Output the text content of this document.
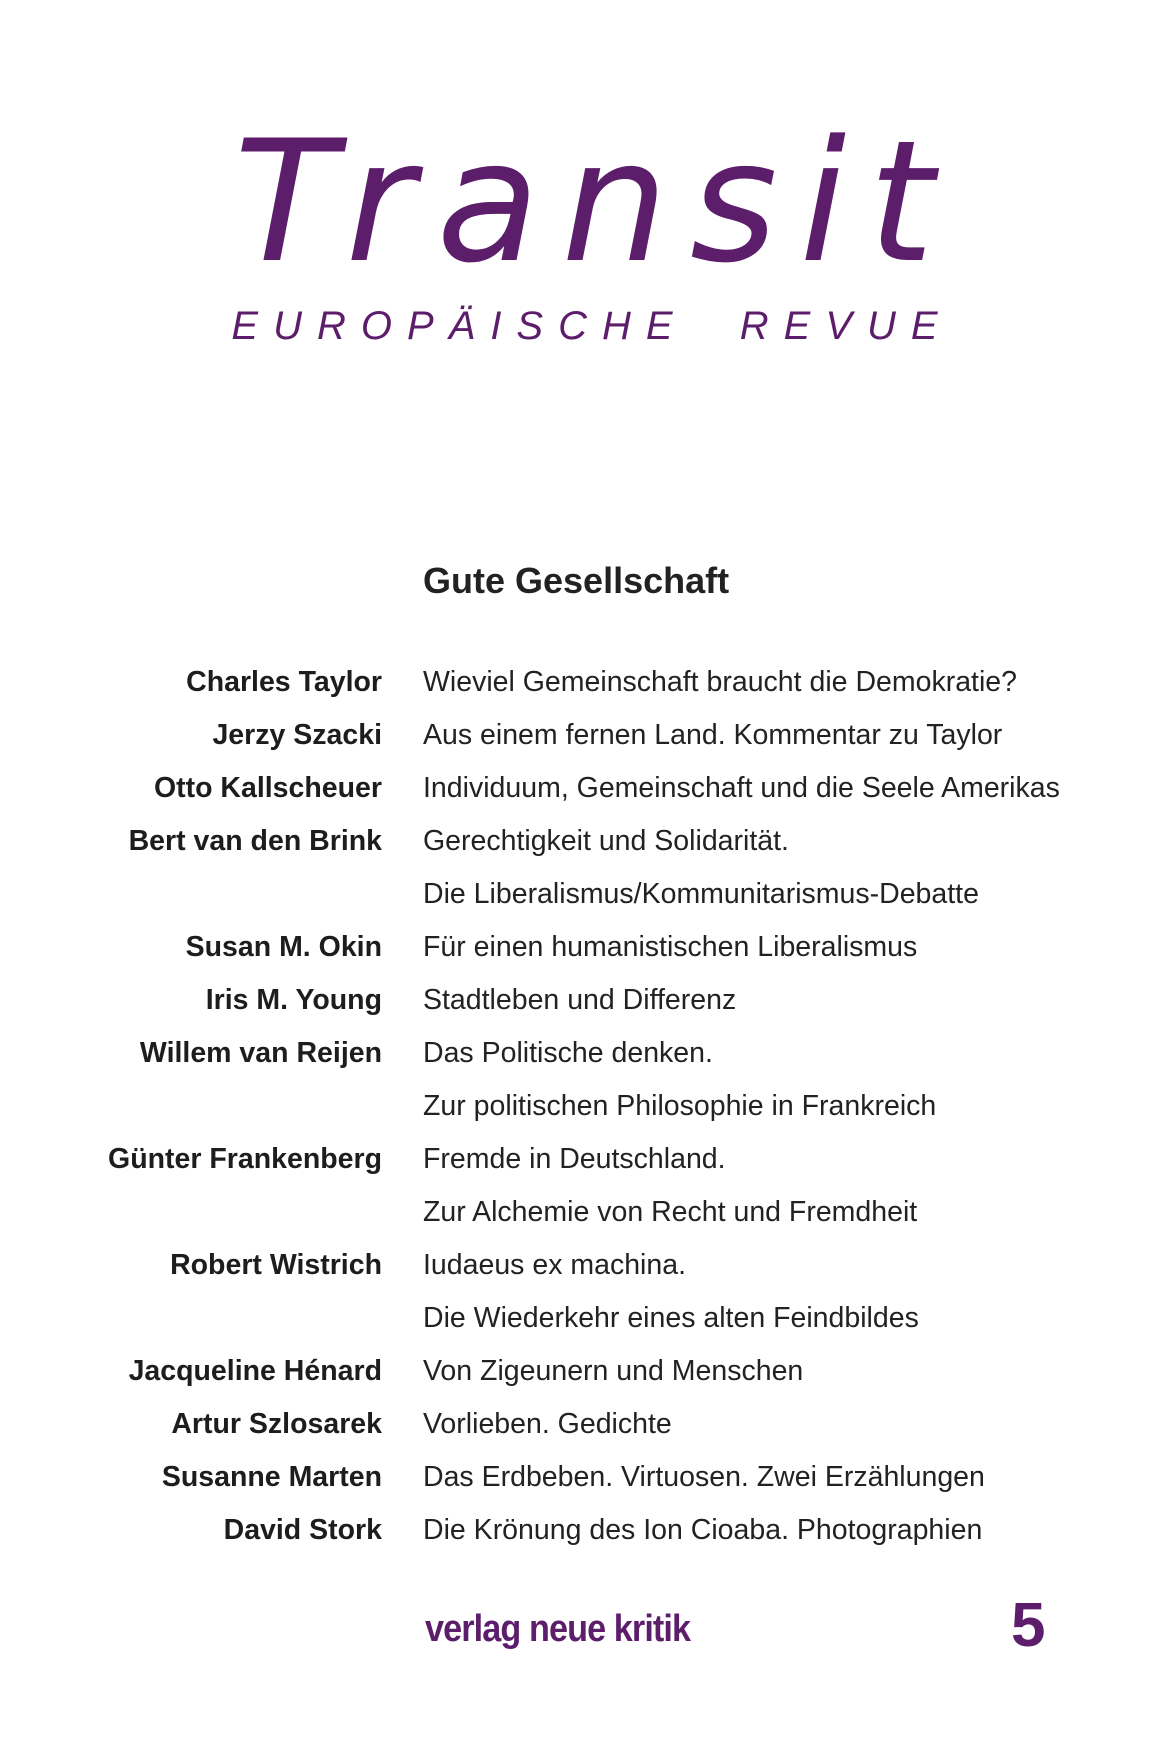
Transit
EUROPÄISCHE  REVUE
Gute Gesellschaft
Charles Taylor Wieviel Gemeinschaft braucht die Demokratie?
Jerzy Szacki Aus einem fernen Land. Kommentar zu Taylor
Otto Kallscheuer Individuum, Gemeinschaft und die Seele Amerikas
Bert van den Brink Gerechtigkeit und Solidarität.
Die Liberalismus/Kommunitarismus-Debatte
Susan M. Okin Für einen humanistischen Liberalismus
Iris M. Young Stadtleben und Differenz
Willem van Reijen Das Politische denken.
Zur politischen Philosophie in Frankreich
Günter Frankenberg Fremde in Deutschland.
Zur Alchemie von Recht und Fremdheit
Robert Wistrich Iudaeus ex machina.
Die Wiederkehr eines alten Feindbildes
Jacqueline Hénard Von Zigeunern und Menschen
Artur Szlosarek Vorlieben. Gedichte
Susanne Marten Das Erdbeben. Virtuosen. Zwei Erzählungen
David Stork Die Krönung des Ion Cioaba. Photographien
verlag neue kritik	5
